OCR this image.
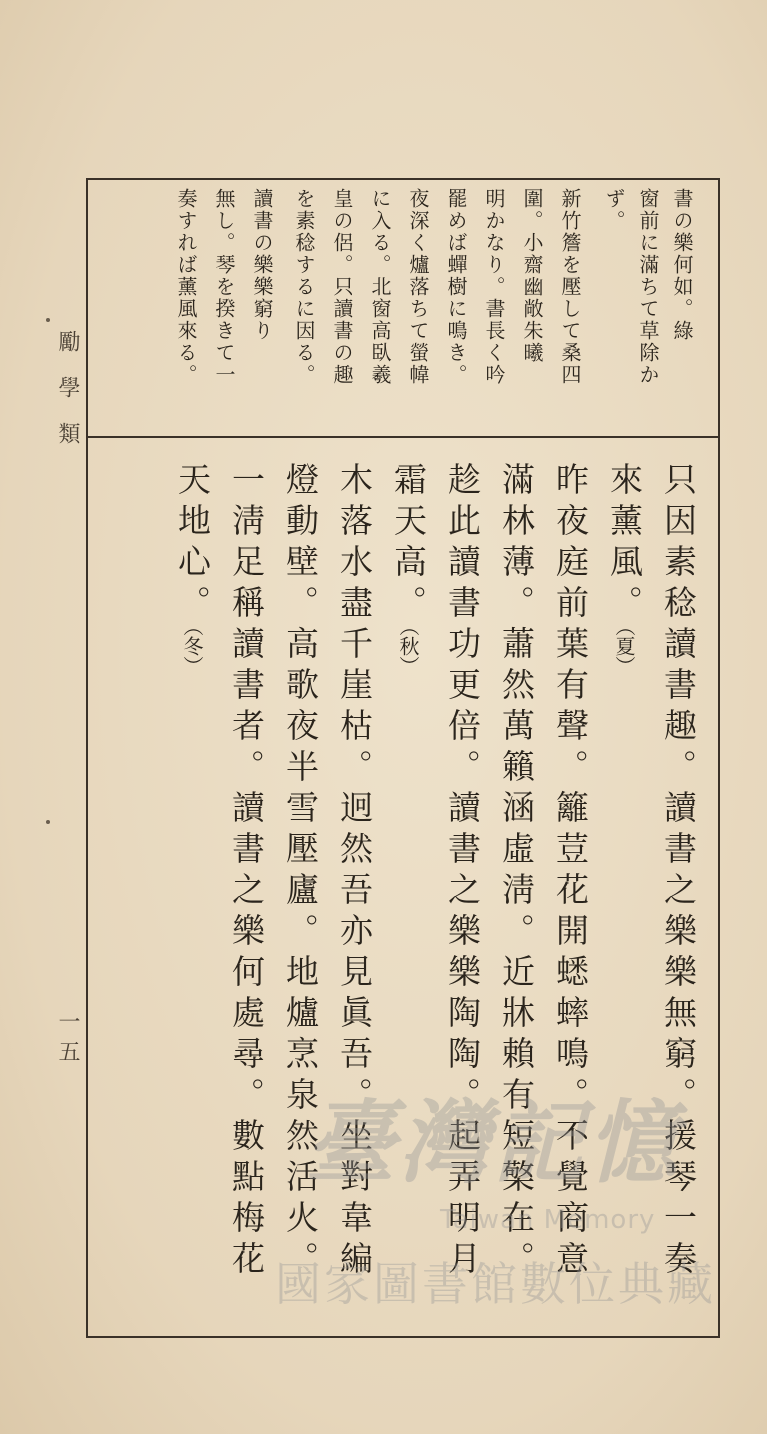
勵學類
一五
書の樂何如。綠
窗前に滿ちて草除か
ず。
新竹簷を壓して桑四
圍。小齋幽敞朱曦
明かなり。書長く吟
罷めば蟬樹に鳴き。
夜深く爐落ちて螢幃
に入る。北窗高臥羲
皇の侶。只讀書の趣
を素稔するに因る。
讀書の樂樂窮り
無し。琴を揆きて一
奏すれば薰風來る。
只因素稔讀書趣。讀書之樂樂無窮。援琴一奏
來薰風。（夏）
昨夜庭前葉有聲。籬荳花開蟋蟀鳴。不覺商意
滿林薄。蕭然萬籟涵虛淸。近牀賴有短檠在。
趁此讀書功更倍。讀書之樂樂陶陶。起弄明月
霜天高。（秋）
木落水盡千崖枯。迥然吾亦見眞吾。坐對韋編
燈動壁。高歌夜半雪壓廬。地爐烹泉然活火。
一淸足稱讀書者。讀書之樂何處尋。數點梅花
天地心。（冬）
臺灣記憶
Taiwan Memory
國家圖書館數位典藏
